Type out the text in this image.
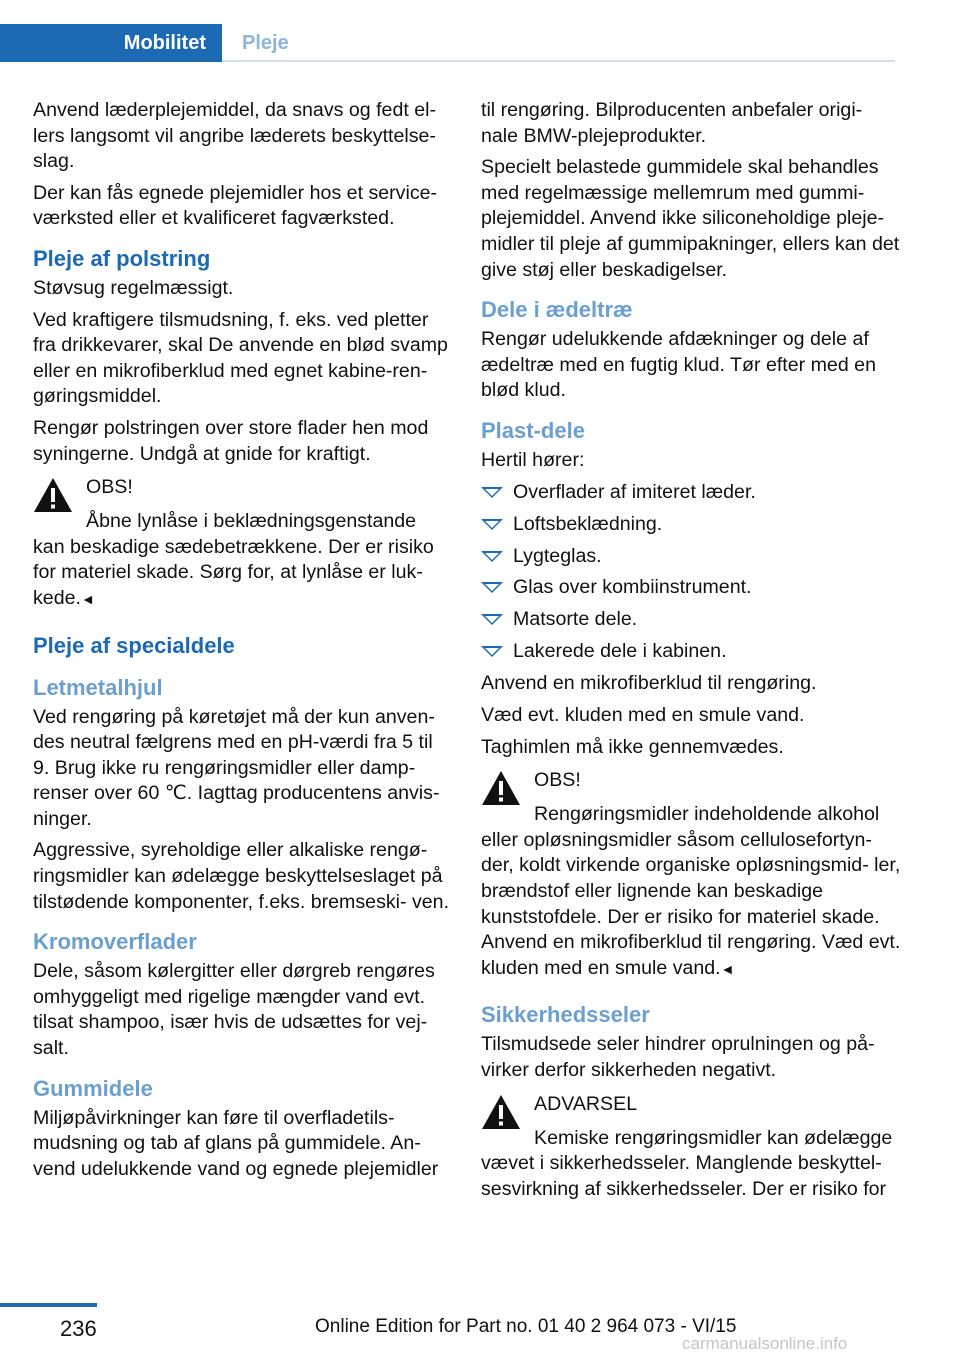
Mobilitet	Pleje

Anvend læderplejemiddel, da snavs og fedt el‐ lers langsomt vil angribe læderets beskyttelse‐ slag.

Der kan fås egnede plejemidler hos et service‐ værksted eller et kvalificeret fagværksted.

Pleje af polstring

Støvsug regelmæssigt.

Ved kraftigere tilsmudsning, f. eks. ved pletter fra drikkevarer, skal De anvende en blød svamp eller en mikrofiberklud med egnet kabine-ren‐ gøringsmiddel.

Rengør polstringen over store flader hen mod syningerne. Undgå at gnide for kraftigt.

OBS!

Åbne lynlåse i beklædningsgenstande kan beskadige sædebetrækkene. Der er risiko for materiel skade. Sørg for, at lynlåse er luk‐ kede.◄

Pleje af specialdele
Letmetalhjul

Ved rengøring på køretøjet må der kun anven‐ des neutral fælgrens med en pH-værdi fra 5 til 9. Brug ikke ru rengøringsmidler eller damp‐ renser over 60 ℃. Iagttag producentens anvis‐ ninger.

Aggressive, syreholdige eller alkaliske rengø‐ ringsmidler kan ødelægge beskyttelseslaget på tilstødende komponenter, f.eks. bremseski‐ ven.

Kromoverflader

Dele, såsom kølergitter eller dørgreb rengøres omhyggeligt med rigelige mængder vand evt. tilsat shampoo, især hvis de udsættes for vej‐ salt.

Gummidele

Miljøpåvirkninger kan føre til overfladetils‐ mudsning og tab af glans på gummidele. An‐ vend udelukkende vand og egnede plejemidler

til rengøring. Bilproducenten anbefaler origi‐ nale BMW-plejeprodukter.

Specielt belastede gummidele skal behandles med regelmæssige mellemrum med gummi‐ plejemiddel. Anvend ikke siliconeholdige pleje‐ midler til pleje af gummipakninger, ellers kan det give støj eller beskadigelser.

Dele i ædeltræ

Rengør udelukkende afdækninger og dele af ædeltræ med en fugtig klud. Tør efter med en blød klud.

Plast-dele

Hertil hører:

Overflader af imiteret læder.
Loftsbeklædning.
Lygteglas.
Glas over kombiinstrument.
Matsorte dele.
Lakerede dele i kabinen.

Anvend en mikrofiberklud til rengøring.

Væd evt. kluden med en smule vand.

Taghimlen må ikke gennemvædes.

OBS!

Rengøringsmidler indeholdende alkohol eller opløsningsmidler såsom cellulosefortyn‐ der, koldt virkende organiske opløsningsmid‐ ler, brændstof eller lignende kan beskadige kunststofdele. Der er risiko for materiel skade. Anvend en mikrofiberklud til rengøring. Væd evt. kluden med en smule vand.◄

Sikkerhedsseler

Tilsmudsede seler hindrer oprulningen og på‐ virker derfor sikkerheden negativt.

ADVARSEL

Kemiske rengøringsmidler kan ødelægge vævet i sikkerhedsseler. Manglende beskyttel‐ sesvirkning af sikkerhedsseler. Der er risiko for

236	Online Edition for Part no. 01 40 2 964 073 - VI/15
carmanualsonline.info
